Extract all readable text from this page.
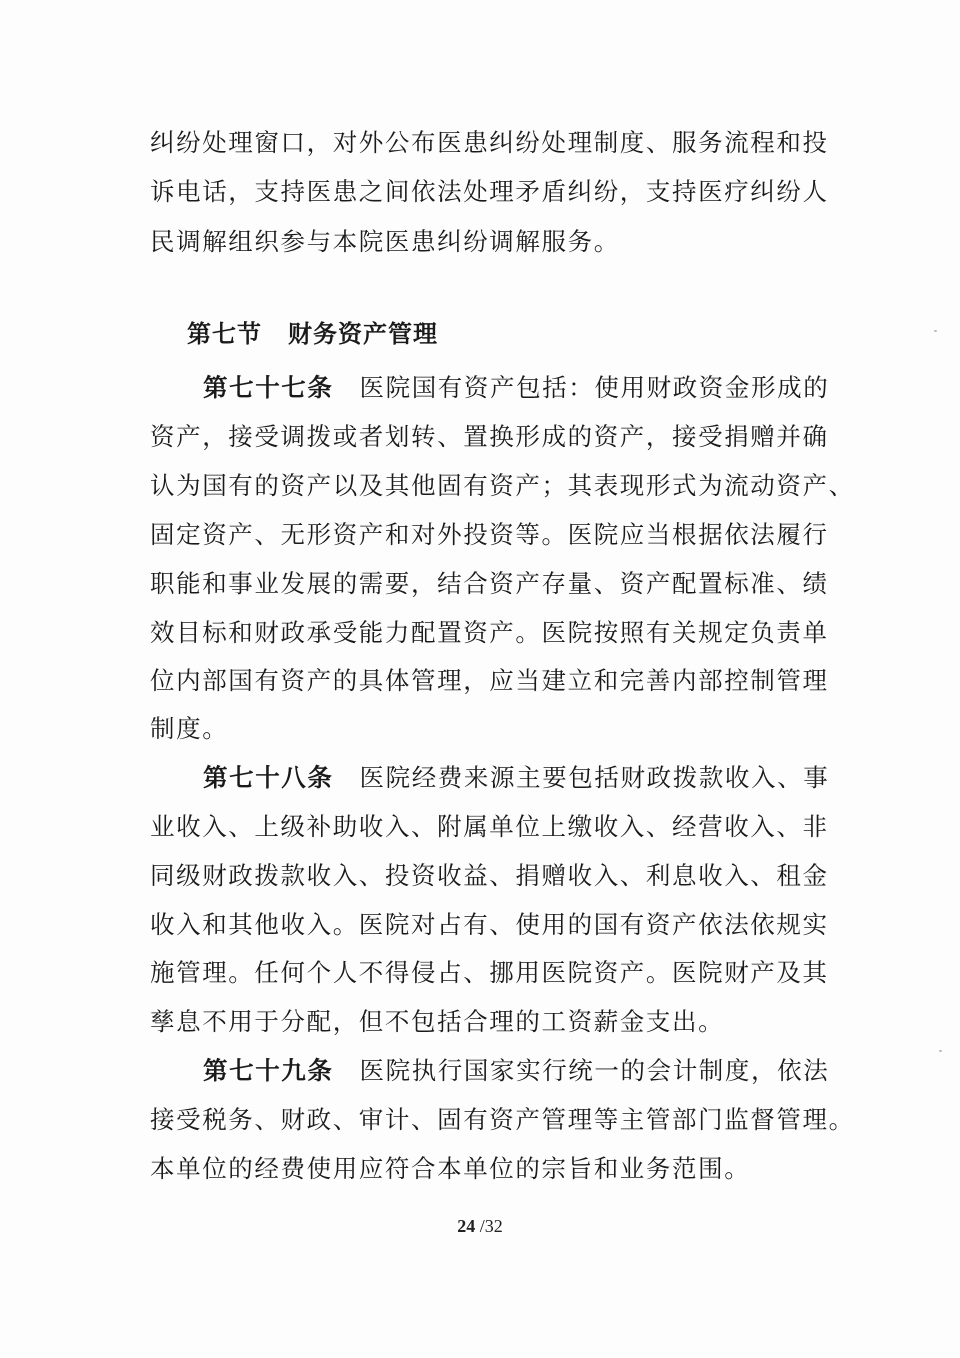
纠纷处理窗口，对外公布医患纠纷处理制度、服务流程和投
诉电话，支持医患之间依法处理矛盾纠纷，支持医疗纠纷人
民调解组织参与本院医患纠纷调解服务。
第七节 财务资产管理
第七十七条 医院国有资产包括：使用财政资金形成的
资产，接受调拨或者划转、置换形成的资产，接受捐赠并确
认为国有的资产以及其他固有资产；其表现形式为流动资产、
固定资产、无形资产和对外投资等。医院应当根据依法履行
职能和事业发展的需要，结合资产存量、资产配置标准、绩
效目标和财政承受能力配置资产。医院按照有关规定负责单
位内部国有资产的具体管理，应当建立和完善内部控制管理
制度。
第七十八条 医院经费来源主要包括财政拨款收入、事
业收入、上级补助收入、附属单位上缴收入、经营收入、非
同级财政拨款收入、投资收益、捐赠收入、利息收入、租金
收入和其他收入。医院对占有、使用的国有资产依法依规实
施管理。任何个人不得侵占、挪用医院资产。医院财产及其
孳息不用于分配，但不包括合理的工资薪金支出。
第七十九条 医院执行国家实行统一的会计制度，依法
接受税务、财政、审计、固有资产管理等主管部门监督管理。
本单位的经费使用应符合本单位的宗旨和业务范围。
24 /32
